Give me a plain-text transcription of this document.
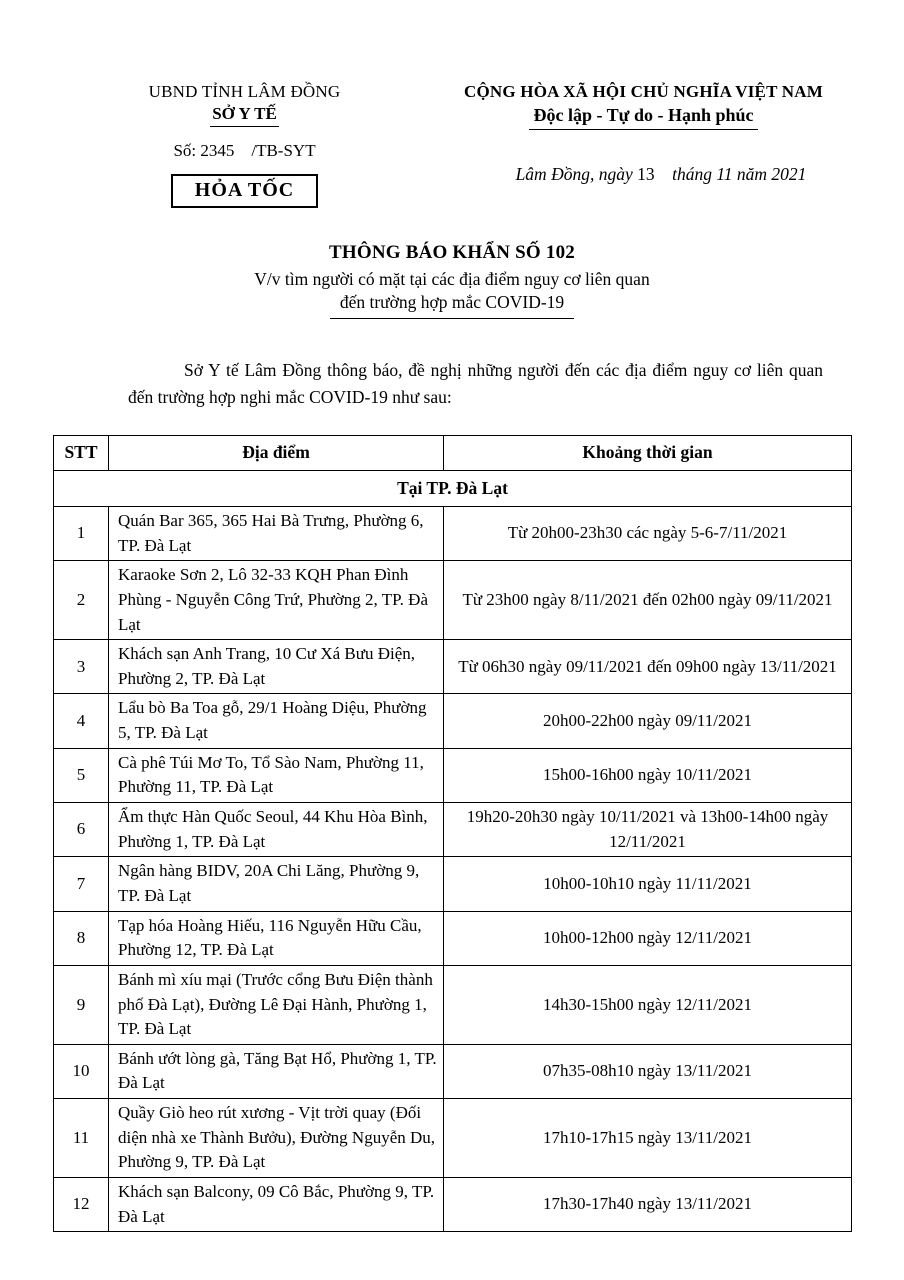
UBND TỈNH LÂM ĐỒNG
SỞ Y TẾ
Số: 2345    /TB-SYT
HỎA TỐC
CỘNG HÒA XÃ HỘI CHỦ NGHĨA VIỆT NAM
Độc lập - Tự do - Hạnh phúc

Lâm Đồng, ngày 13    tháng 11 năm 2021

THÔNG BÁO KHẨN SỐ 102
V/v tìm người có mặt tại các địa điểm nguy cơ liên quan
đến trường hợp mắc COVID-19

Sở Y tế Lâm Đồng thông báo, đề nghị những người đến các địa điểm nguy cơ liên quan đến trường hợp nghi mắc COVID-19 như sau:

STT	Địa điểm	Khoảng thời gian
Tại TP. Đà Lạt		
1	Quán Bar 365, 365 Hai Bà Trưng, Phường 6, TP. Đà Lạt	Từ 20h00-23h30 các ngày 5-6-7/11/2021
2	Karaoke Sơn 2, Lô 32-33 KQH Phan Đình Phùng - Nguyễn Công Trứ, Phường 2, TP. Đà Lạt	Từ 23h00 ngày 8/11/2021 đến 02h00 ngày 09/11/2021
3	Khách sạn Anh Trang, 10 Cư Xá Bưu Điện, Phường 2, TP. Đà Lạt	Từ 06h30 ngày 09/11/2021 đến 09h00 ngày 13/11/2021
4	Lẩu bò Ba Toa gỗ, 29/1 Hoàng Diệu, Phường 5, TP. Đà Lạt	20h00-22h00 ngày 09/11/2021
5	Cà phê Túi Mơ To, Tổ Sào Nam, Phường 11, Phường 11, TP. Đà Lạt	15h00-16h00 ngày 10/11/2021
6	Ẩm thực Hàn Quốc Seoul, 44 Khu Hòa Bình, Phường 1, TP. Đà Lạt	19h20-20h30 ngày 10/11/2021 và 13h00-14h00 ngày 12/11/2021
7	Ngân hàng BIDV, 20A Chi Lăng, Phường 9, TP. Đà Lạt	10h00-10h10 ngày 11/11/2021
8	Tạp hóa Hoàng Hiếu, 116 Nguyễn Hữu Cầu, Phường 12, TP. Đà Lạt	10h00-12h00 ngày 12/11/2021
9	Bánh mì xíu mại (Trước cổng Bưu Điện thành phố Đà Lạt), Đường Lê Đại Hành, Phường 1, TP. Đà Lạt	14h30-15h00 ngày 12/11/2021
10	Bánh ướt lòng gà, Tăng Bạt Hổ, Phường 1, TP. Đà Lạt	07h35-08h10 ngày 13/11/2021
11	Quầy Giò heo rút xương - Vịt trời quay (Đối diện nhà xe Thành Bưởu), Đường Nguyễn Du, Phường 9, TP. Đà Lạt	17h10-17h15 ngày 13/11/2021
12	Khách sạn Balcony, 09 Cô Bắc, Phường 9, TP. Đà Lạt	17h30-17h40 ngày 13/11/2021
